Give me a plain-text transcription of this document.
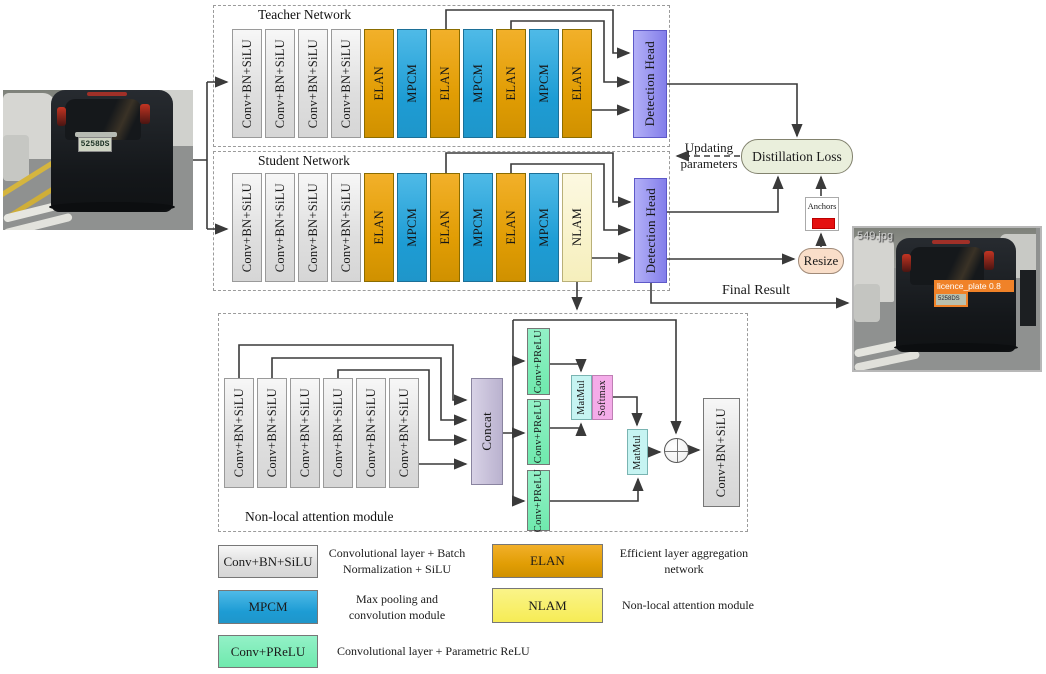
Teacher Network
Student Network
Non-local attention module
5258DS
Conv+BN+SiLU Conv+BN+SiLU Conv+BN+SiLU Conv+BN+SiLU ELAN MPCM ELAN MPCM ELAN MPCM ELAN	Detection Head
Conv+BN+SiLU Conv+BN+SiLU Conv+BN+SiLU Conv+BN+SiLU ELAN MPCM ELAN MPCM ELAN MPCM NLAM	Detection Head
Updating
parameters	Distillation Loss
Anchors
Resize
Final Result
549.jpg
licence_plate 0.8
5258DS
Conv+BN+SiLU Conv+BN+SiLU Conv+BN+SiLU Conv+BN+SiLU Conv+BN+SiLU Conv+BN+SiLU	Concat
Conv+PReLU
Conv+PReLU
Conv+PReLU
MatMul Softmax
MatMul	Conv+BN+SiLU
Conv+BN+SiLU
Convolutional layer + Batch Normalization + SiLU
ELAN	Efficient layer aggregation network
MPCM	Max pooling and convolution module
NLAM	Non-local attention module
Conv+PReLU	Convolutional layer + Parametric ReLU
